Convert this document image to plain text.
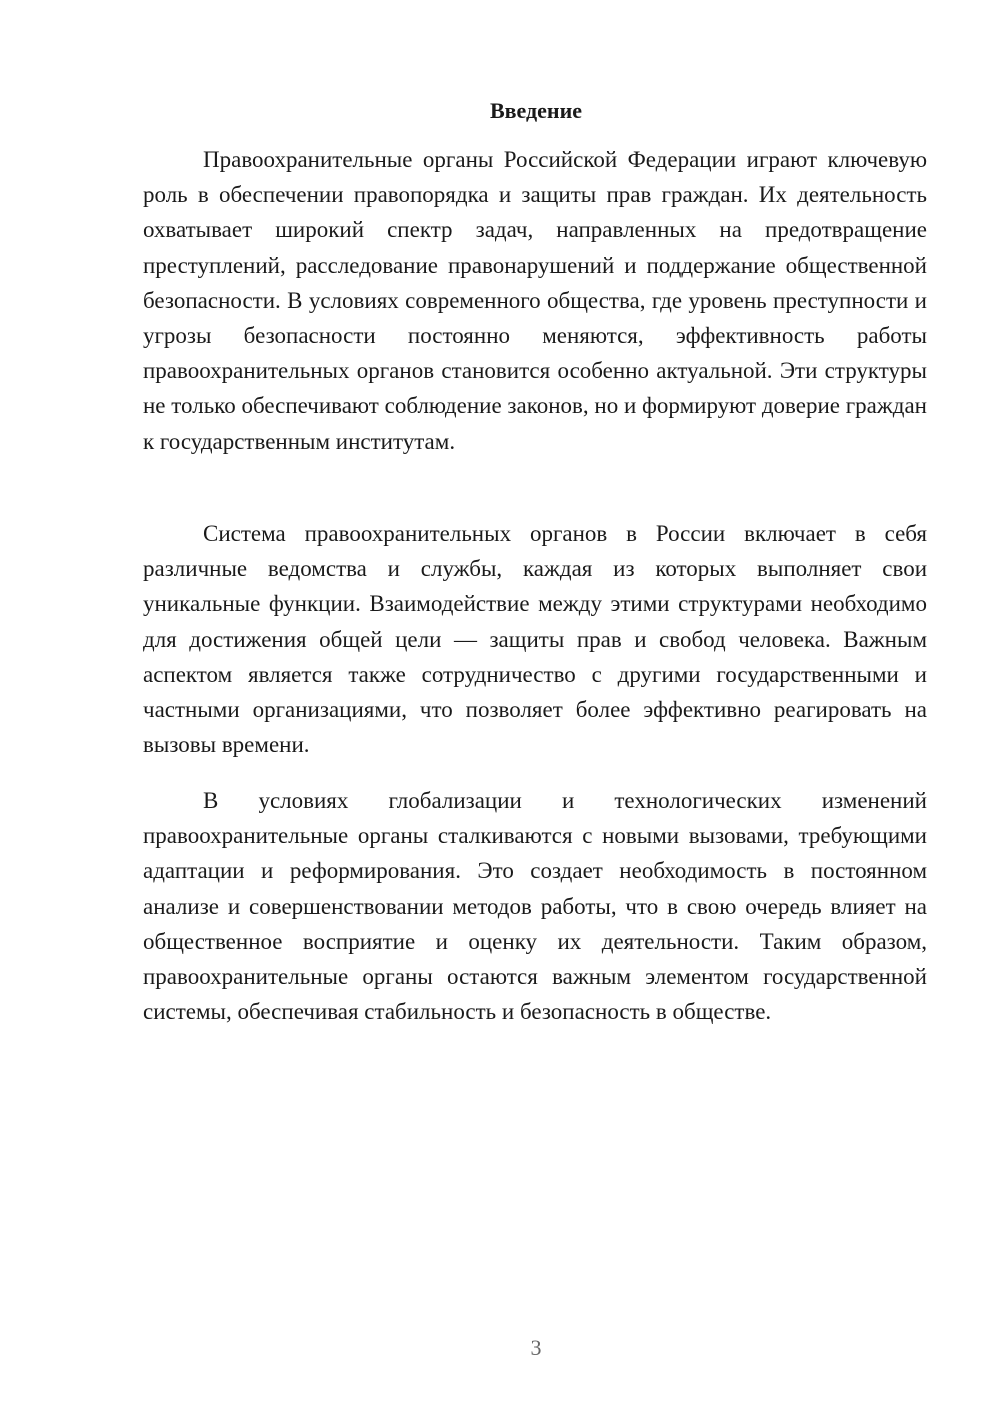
Введение

Правоохранительные органы Российской Федерации играют ключевую роль в обеспечении правопорядка и защиты прав граждан. Их деятельность охватывает широкий спектр задач, направленных на предотвращение преступлений, расследование правонарушений и поддержание общественной безопасности. В условиях современного общества, где уровень преступности и угрозы безопасности постоянно меняются, эффективность работы правоохранительных органов становится особенно актуальной. Эти структуры не только обеспечивают соблюдение законов, но и формируют доверие граждан к государственным институтам.

Система правоохранительных органов в России включает в себя различные ведомства и службы, каждая из которых выполняет свои уникальные функции. Взаимодействие между этими структурами необходимо для достижения общей цели — защиты прав и свобод человека. Важным аспектом является также сотрудничество с другими государственными и частными организациями, что позволяет более эффективно реагировать на вызовы времени.

В условиях глобализации и технологических изменений правоохранительные органы сталкиваются с новыми вызовами, требующими адаптации и реформирования. Это создает необходимость в постоянном анализе и совершенствовании методов работы, что в свою очередь влияет на общественное восприятие и оценку их деятельности. Таким образом, правоохранительные органы остаются важным элементом государственной системы, обеспечивая стабильность и безопасность в обществе.

3
